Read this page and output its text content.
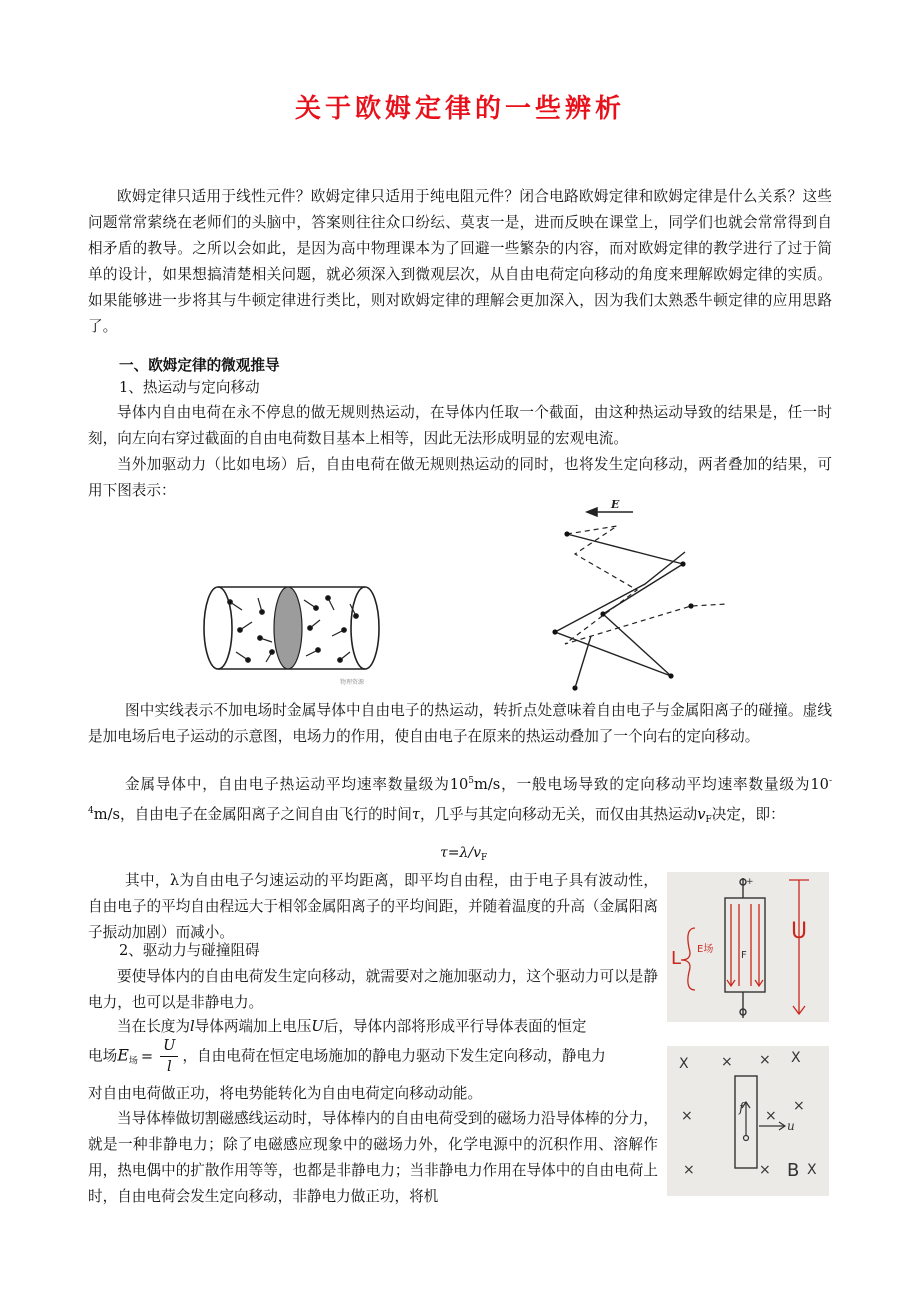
关于欧姆定律的一些辨析
欧姆定律只适用于线性元件？欧姆定律只适用于纯电阻元件？闭合电路欧姆定律和欧姆定律是什么关系？这些问题常常萦绕在老师们的头脑中，答案则往往众口纷纭、莫衷一是，进而反映在课堂上，同学们也就会常常得到自相矛盾的教导。之所以会如此，是因为高中物理课本为了回避一些繁杂的内容，而对欧姆定律的教学进行了过于简单的设计，如果想搞清楚相关问题，就必须深入到微观层次，从自由电荷定向移动的角度来理解欧姆定律的实质。如果能够进一步将其与牛顿定律进行类比，则对欧姆定律的理解会更加深入，因为我们太熟悉牛顿定律的应用思路了。
一、欧姆定律的微观推导
1、热运动与定向移动
导体内自由电荷在永不停息的做无规则热运动，在导体内任取一个截面，由这种热运动导致的结果是，任一时刻，向左向右穿过截面的自由电荷数目基本上相等，因此无法形成明显的宏观电流。
当外加驱动力（比如电场）后，自由电荷在做无规则热运动的同时，也将发生定向移动，两者叠加的结果，可用下图表示：
物理资源
E
图中实线表示不加电场时金属导体中自由电子的热运动，转折点处意味着自由电子与金属阳离子的碰撞。虚线是加电场后电子运动的示意图，电场力的作用，使自由电子在原来的热运动叠加了一个向右的定向移动。
金属导体中，自由电子热运动平均速率数量级为$10^5m/s$，一般电场导致的定向移动平均速率数量级为$10^{-4}m/s$，自由电子在金属阳离子之间自由飞行的时间τ，几乎与其定向移动无关，而仅由其热运动$v_F$决定，即：
$\tau=\lambda/v_F$
其中，λ为自由电子匀速运动的平均距离，即平均自由程，由于电子具有波动性，自由电子的平均自由程远大于相邻金属阳离子的平均间距，并随着温度的升高（金属阳离子振动加剧）而减小。
2、驱动力与碰撞阻碍
要使导体内的自由电荷发生定向移动，就需要对之施加驱动力，这个驱动力可以是静电力，也可以是非静电力。
当在长度为l导体两端加上电压U后，导体内部将形成平行导体表面的恒定
电场$E_场 = \frac{U}{l}$ ，自由电荷在恒定电场施加的静电力驱动下发生定向移动，静电力
对自由电荷做正功，将电势能转化为自由电荷定向移动动能。
当导体棒做切割磁感线运动时，导体棒内的自由电荷受到的磁场力沿导体棒的分力，就是一种非静电力；除了电磁感应现象中的磁场力外，化学电源中的沉积作用、溶解作用，热电偶中的扩散作用等等，也都是非静电力；当非静电力作用在导体中的自由电荷上时，自由电荷会发生定向移动，非静电力做正功，将机
+
L E场
F
U
X × × X
×	×
×
×	×	X
f
u
B
